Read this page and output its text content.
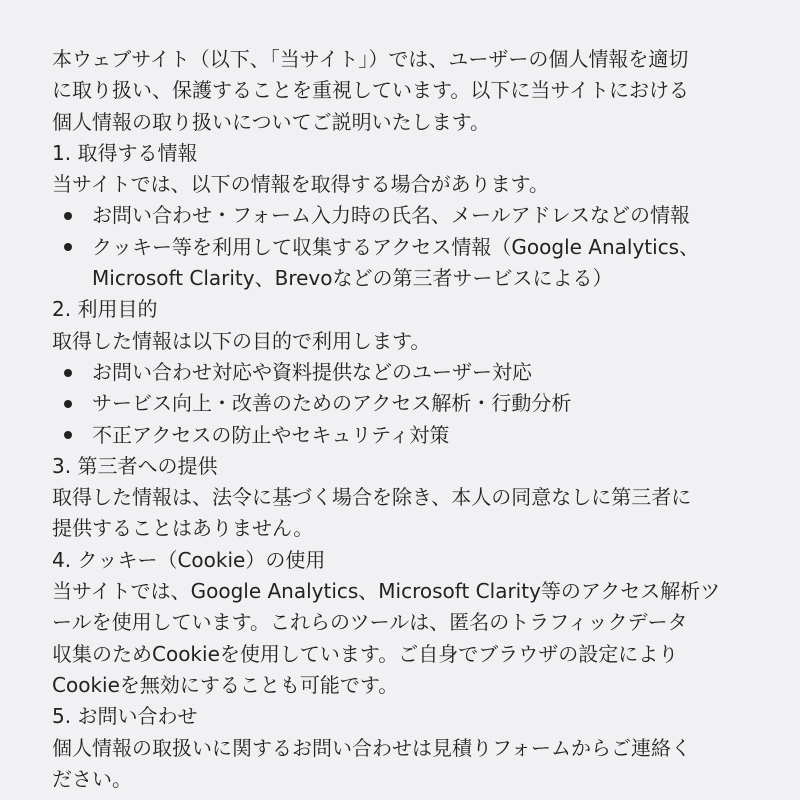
本ウェブサイト（以下、「当サイト」）では、ユーザーの個人情報を適切
に取り扱い、保護することを重視しています。以下に当サイトにおける
個人情報の取り扱いについてご説明いたします。
1. 取得する情報
当サイトでは、以下の情報を取得する場合があります。
お問い合わせ・フォーム入力時の氏名、メールアドレスなどの情報
クッキー等を利用して収集するアクセス情報（Google Analytics、
Microsoft Clarity、Brevoなどの第三者サービスによる）
2. 利用目的
取得した情報は以下の目的で利用します。
お問い合わせ対応や資料提供などのユーザー対応
サービス向上・改善のためのアクセス解析・行動分析
不正アクセスの防止やセキュリティ対策
3. 第三者への提供
取得した情報は、法令に基づく場合を除き、本人の同意なしに第三者に
提供することはありません。
4. クッキー（Cookie）の使用
当サイトでは、Google Analytics、Microsoft Clarity等のアクセス解析ツ
ールを使用しています。これらのツールは、匿名のトラフィックデータ
収集のためCookieを使用しています。ご自身でブラウザの設定により
Cookieを無効にすることも可能です。
5. お問い合わせ
個人情報の取扱いに関するお問い合わせは見積りフォームからご連絡く
ださい。
